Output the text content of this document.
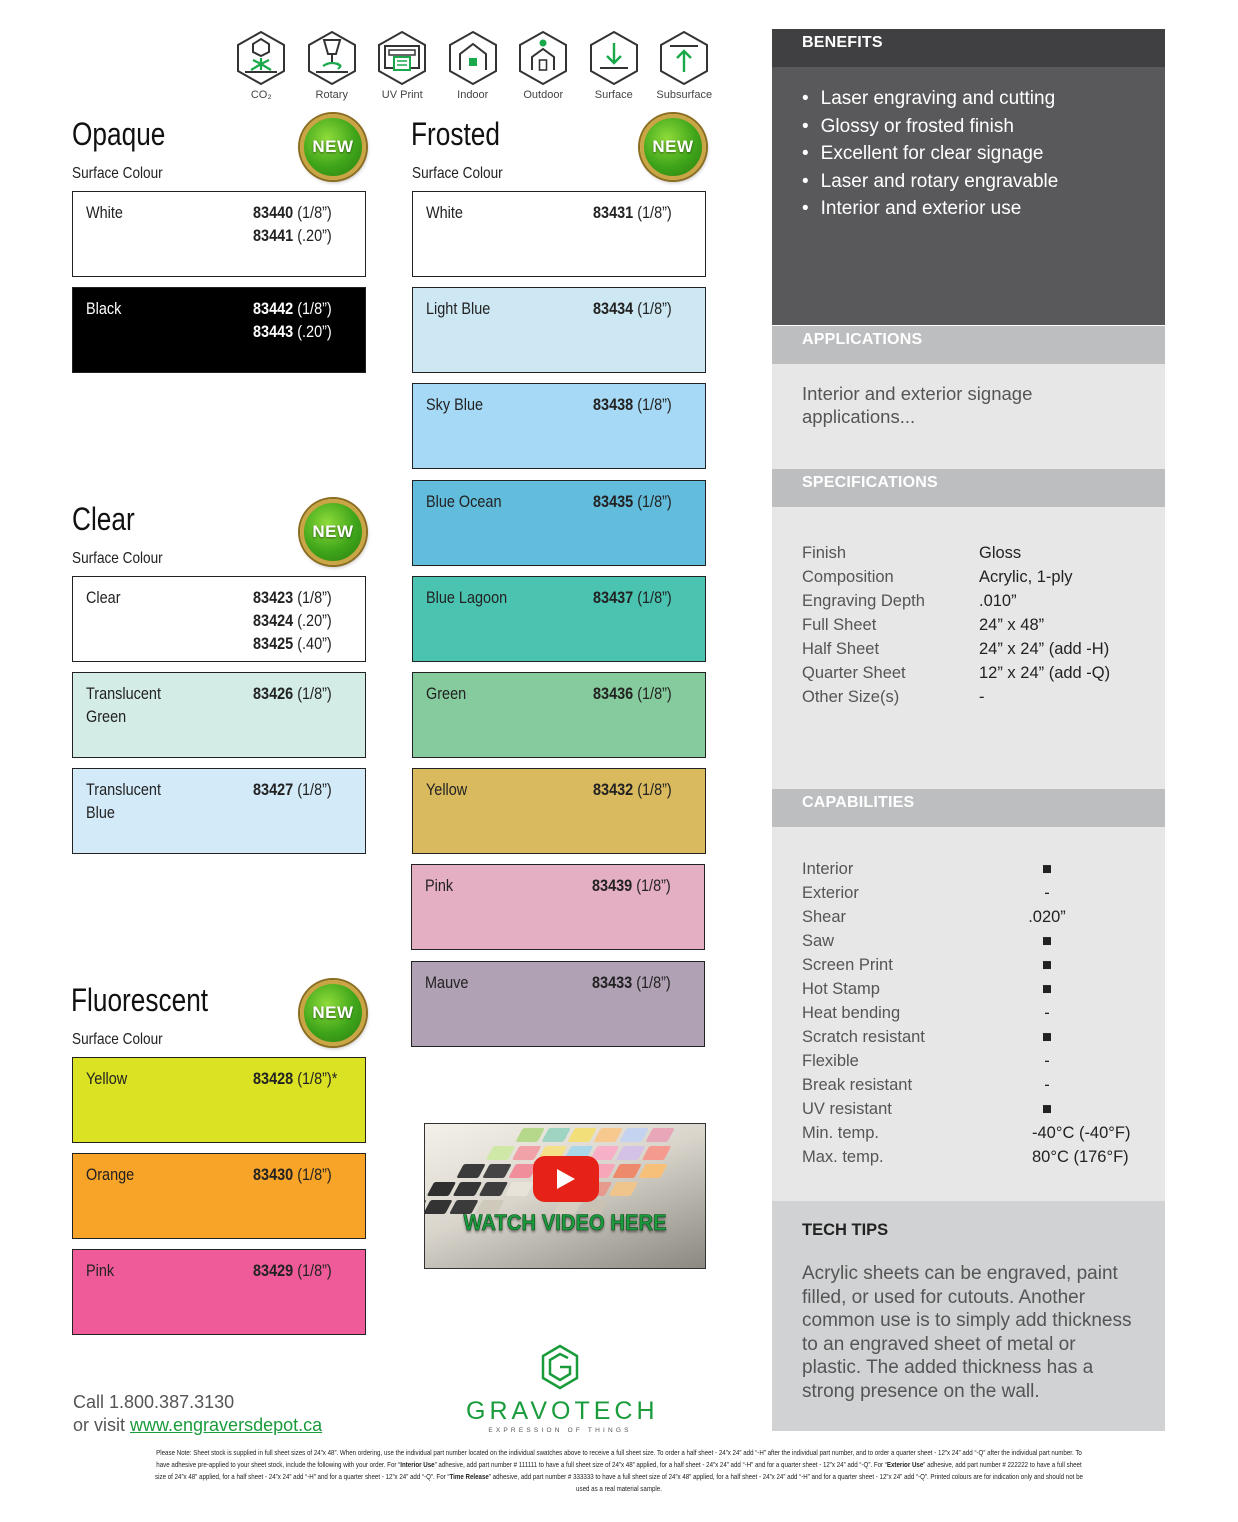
CO₂	Rotary	UV Print	Indoor	Outdoor	Surface Subsurface
Opaque
Surface Colour
NEW Frosted
Surface Colour
NEW
Clear
Surface Colour
NEW
Fluorescent
Surface Colour
NEW
White	83440 (1/8”)
83441 (.20”)
Black	83442 (1/8”)
83443 (.20”)
Clear	83423 (1/8”)
83424 (.20”)
83425 (.40”)
Translucent Green
83426 (1/8”)
Translucent Blue
83427 (1/8”)
Yellow	83428 (1/8”)*
Orange	83430 (1/8”)
Pink	83429 (1/8”)
White	83431 (1/8”)
Light Blue	83434 (1/8”)
Sky Blue	83438 (1/8”)
Blue Ocean	83435 (1/8”)
Blue Lagoon	83437 (1/8”)
Green	83436 (1/8”)
Yellow	83432 (1/8”)
Pink	83439 (1/8”)
Mauve	83433 (1/8”)
WATCH VIDEO HERE
BENEFITS
• Laser engraving and cutting
• Glossy or frosted finish
• Excellent for clear signage
• Laser and rotary engravable
• Interior and exterior use
APPLICATIONS
Interior and exterior signage applications...
SPECIFICATIONS
Finish	Gloss
Composition	Acrylic, 1-ply
Engraving Depth	.010”
Full Sheet	24” x 48”
Half Sheet	24” x 24” (add -H)
Quarter Sheet	12” x 24” (add -Q)
Other Size(s)	-
CAPABILITIES
Interior	■
Exterior	-
Shear	.020”
Saw	■
Screen Print	■
Hot Stamp	■
Heat bending	-
Scratch resistant	■
Flexible	-
Break resistant	-
UV resistant	■
Min. temp.	-40°C (-40°F)
Max. temp.	80°C (176°F)
TECH TIPS
Acrylic sheets can be engraved, paint filled, or used for cutouts. Another common use is to simply add thickness to an engraved sheet of metal or plastic. The added thickness has a strong presence on the wall.
Call 1.800.387.3130
or visit www.engraversdepot.ca	GRAVOTECH
EXPRESSION OF THINGS
Please Note: Sheet stock is supplied in full sheet sizes of 24”x 48”. When ordering, use the individual part number located on the individual swatches above to receive a full sheet size. To order a half sheet - 24”x 24” add “-H” after the individual part number, and to order a quarter sheet - 12”x 24” add “-Q” after the individual part number. To have adhesive pre-applied to your sheet stock, include the following with your order. For “Interior Use” adhesive, add part number # 111111 to have a full sheet size of 24”x 48” applied, for a half sheet - 24”x 24” add “-H” and for a quarter sheet - 12”x 24” add “-Q”. For “Exterior Use” adhesive, add part number # 222222 to have a full sheet size of 24”x 48” applied, for a half sheet - 24”x 24” add “-H” and for a quarter sheet - 12”x 24” add “-Q”. For “Time Release” adhesive, add part number # 333333 to have a full sheet size of 24”x 48” applied, for a half sheet - 24”x 24” add “-H” and for a quarter sheet - 12”x 24” add “-Q”. Printed colours are for indication only and should not be used as a real material sample.
